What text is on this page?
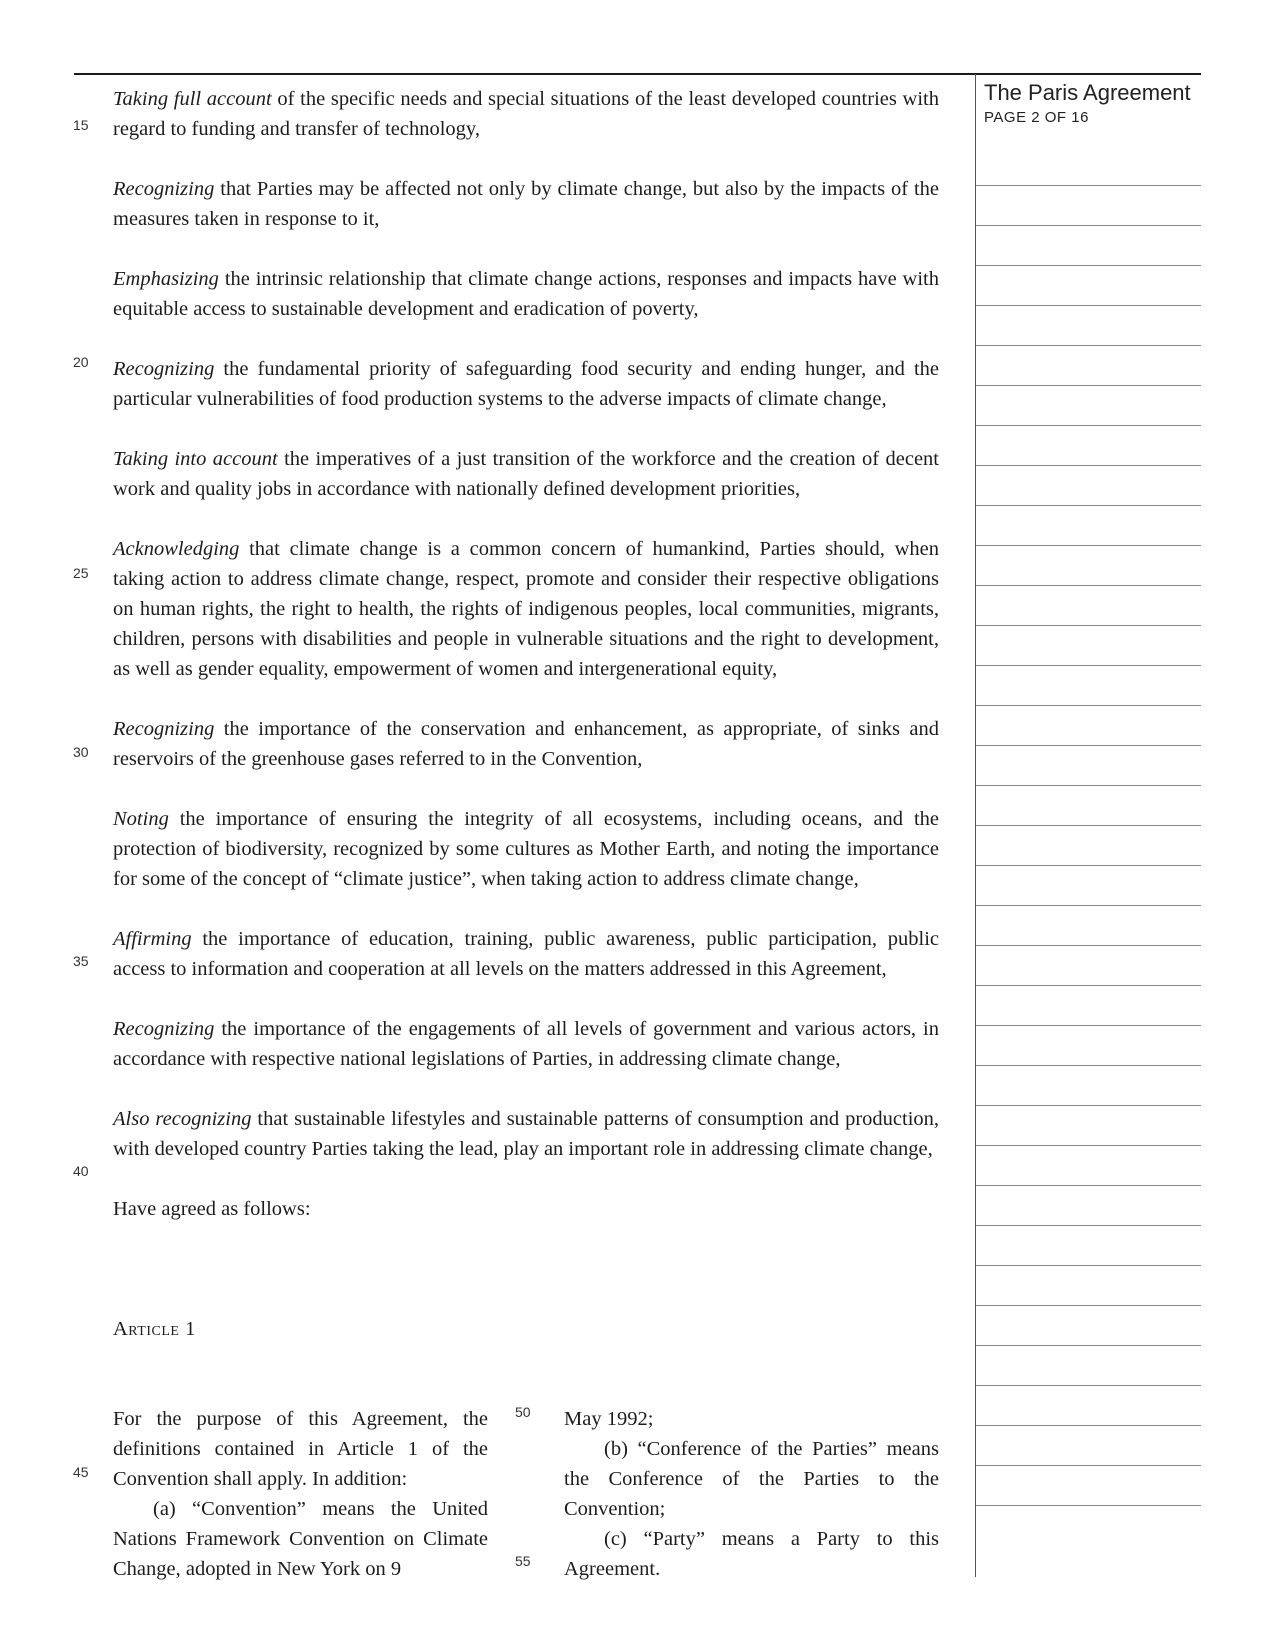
The Paris Agreement
PAGE 2 OF 16
15
20
25
30
35
40
45
50
55

Taking full account of the specific needs and special situations of the least developed countries with regard to funding and transfer of technology,

Recognizing that Parties may be affected not only by climate change, but also by the impacts of the measures taken in response to it,

Emphasizing the intrinsic relationship that climate change actions, responses and impacts have with equitable access to sustainable development and eradication of poverty,

Recognizing the fundamental priority of safeguarding food security and ending hunger, and the particular vulnerabilities of food production systems to the adverse impacts of climate change,

Taking into account the imperatives of a just transition of the workforce and the creation of decent work and quality jobs in accordance with nationally defined development priorities,

Acknowledging that climate change is a common concern of humankind, Parties should, when taking action to address climate change, respect, promote and consider their respective obligations on human rights, the right to health, the rights of indigenous peoples, local communities, migrants, children, persons with disabilities and people in vulnerable situations and the right to development, as well as gender equality, empowerment of women and intergenerational equity,

Recognizing the importance of the conservation and enhancement, as appropriate, of sinks and reservoirs of the greenhouse gases referred to in the Convention,

Noting the importance of ensuring the integrity of all ecosystems, including oceans, and the protection of biodiversity, recognized by some cultures as Mother Earth, and noting the importance for some of the concept of “climate justice”, when taking action to address climate change,

Affirming the importance of education, training, public awareness, public participation, public access to information and cooperation at all levels on the matters addressed in this Agreement,

Recognizing the importance of the engagements of all levels of government and various actors, in accordance with respective national legislations of Parties, in addressing climate change,

Also recognizing that sustainable lifestyles and sustainable patterns of consumption and production, with developed country Parties taking the lead, play an important role in addressing climate change,

Have agreed as follows:

Article 1

For the purpose of this Agreement, the definitions contained in Article 1 of the Convention shall apply. In addition:

(a) “Convention” means the United Nations Framework Convention on Climate Change, adopted in New York on 9

May 1992;

(b) “Conference of the Parties” means the Conference of the Parties to the Convention;

(c) “Party” means a Party to this Agreement.
